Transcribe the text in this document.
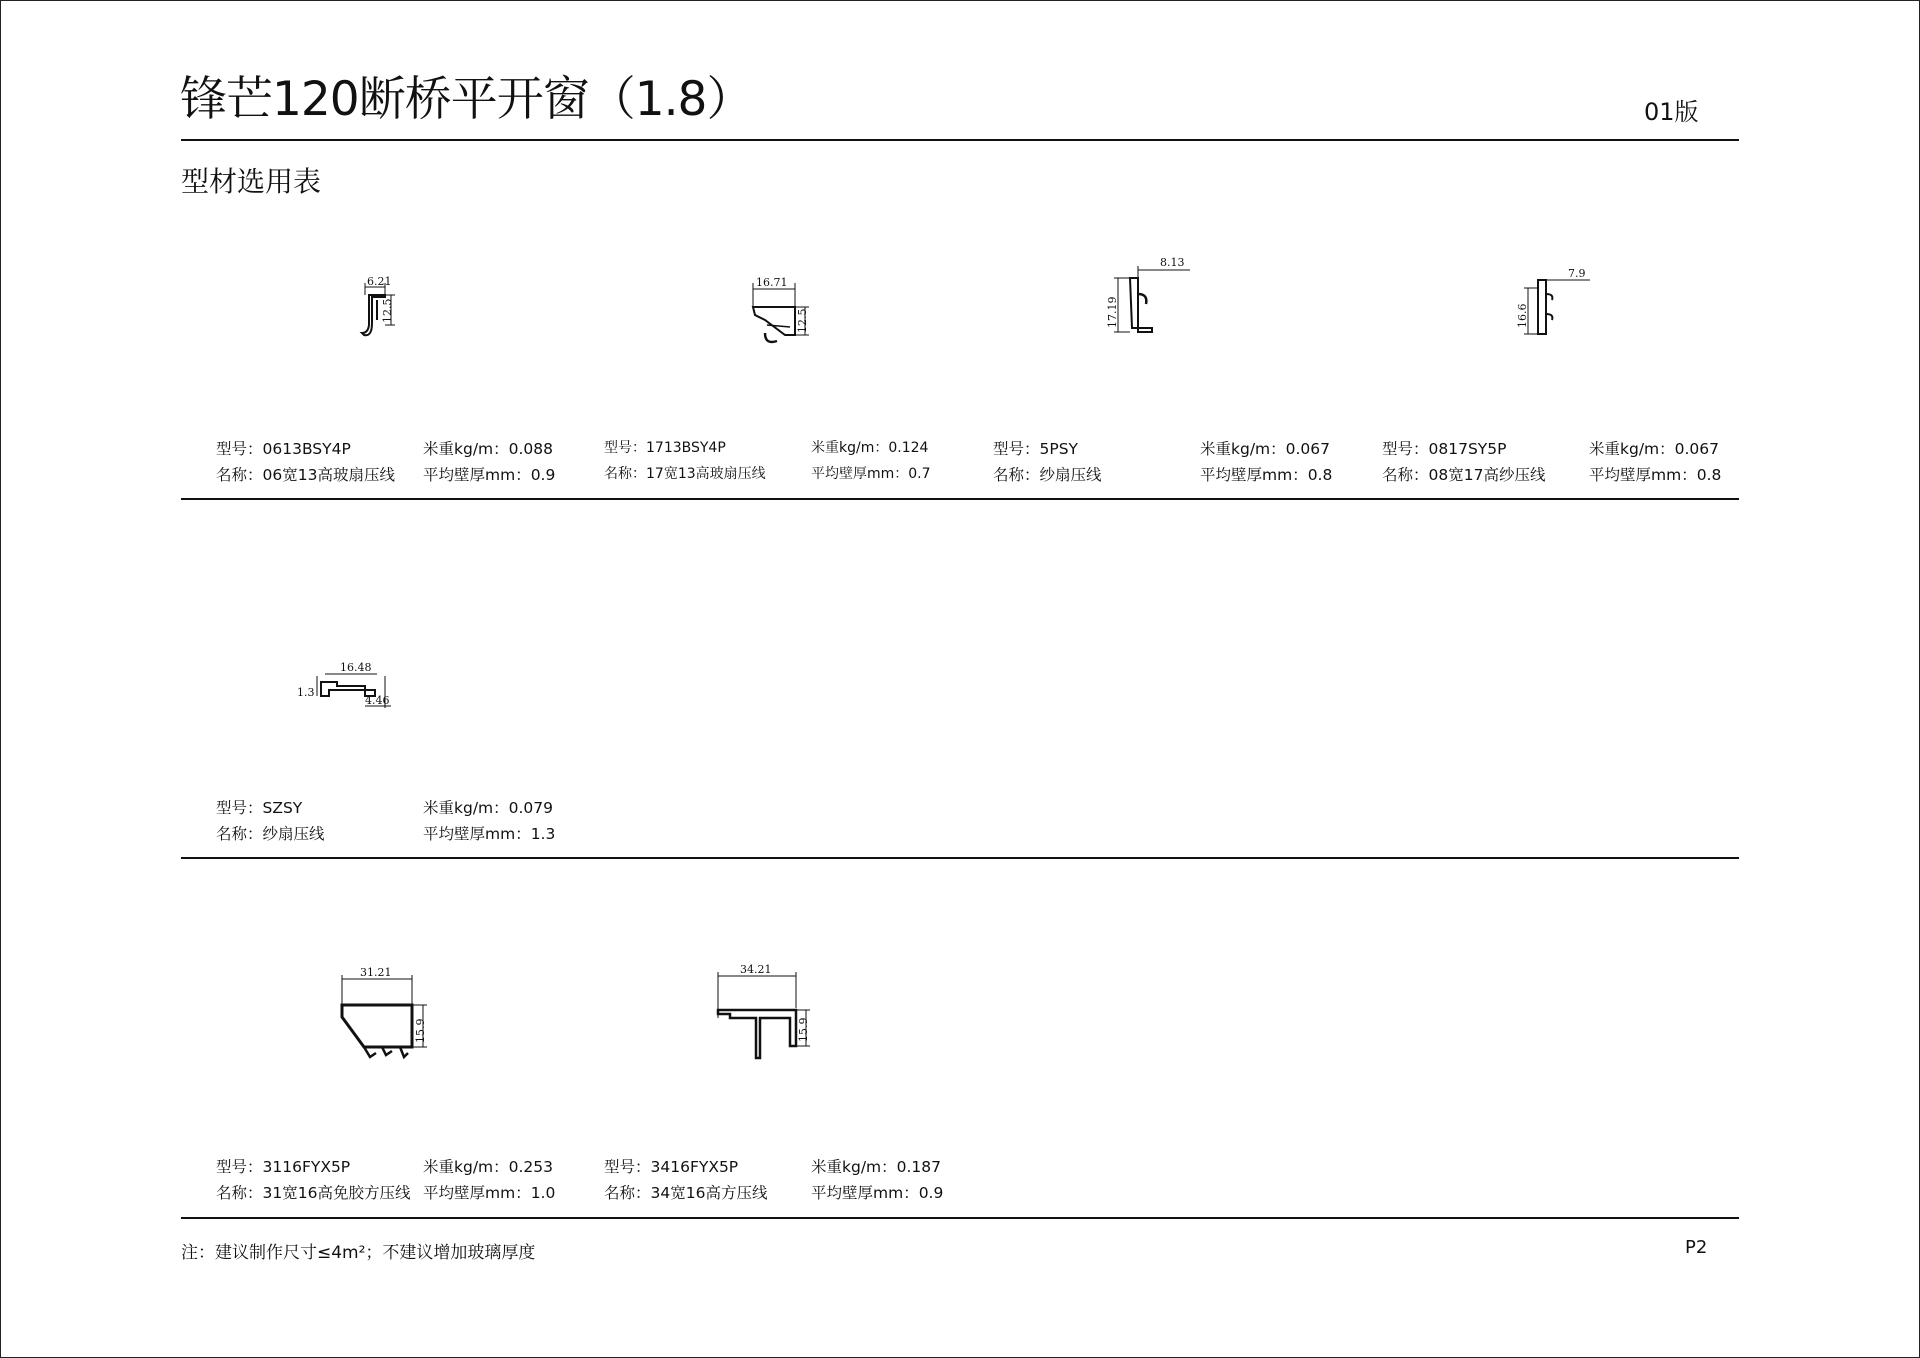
锋芒120断桥平开窗（1.8）	01版
型材选用表
6.21
12.5
16.71
12.5
8.13
17.19
7.9
16.6
16.48
1.3
4.46
31.21
15.9
34.21
15.9
型号：0613BSY4P	米重kg/m：0.088
名称：06宽13高玻扇压线 平均壁厚mm：0.9
型号：1713BSY4P	米重kg/m：0.124
名称：17宽13高玻扇压线	平均壁厚mm：0.7
型号：5PSY	米重kg/m：0.067
名称：纱扇压线	平均壁厚mm：0.8
型号：0817SY5P	米重kg/m：0.067
名称：08宽17高纱压线	平均壁厚mm：0.8
型号：SZSY	米重kg/m：0.079
名称：纱扇压线	平均壁厚mm：1.3
型号：3116FYX5P	米重kg/m：0.253
名称：31宽16高免胶方压线 平均壁厚mm：1.0
型号：3416FYX5P	米重kg/m：0.187
名称：34宽16高方压线	平均壁厚mm：0.9
注：建议制作尺寸≤4m²；不建议增加玻璃厚度	P2
